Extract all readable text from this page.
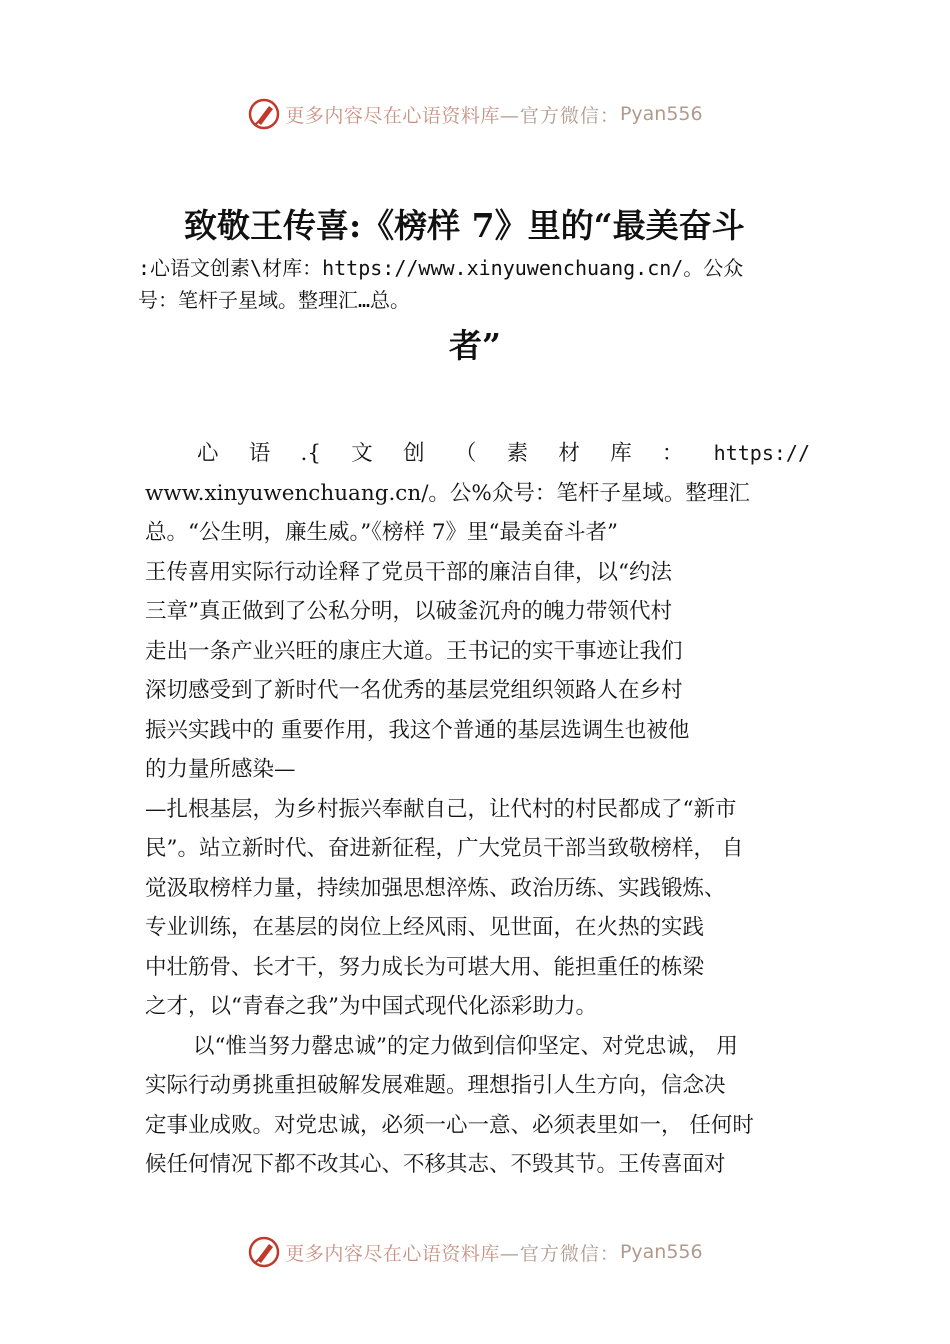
更多内容尽在心语资料库 —官方微信： Pyan556
致敬王传喜:《榜样 7》里的“最美奋斗
:心语文创素\材库：https://www.xinyuwenchuang.cn/。公众
号：笔杆子星域。整理汇…总。
者”

心 语 .{ 文 创 （ 素 材 库 ： https://

www.xinyuwenchuang.cn/。公%众号：笔杆子星域。整理汇

总。“公生明，廉生威。”《榜样 7》里“最美奋斗者”

王传喜用实际行动诠释了党员干部的廉洁自律，以“约法

三章”真正做到了公私分明，以破釜沉舟的魄力带领代村

走出一条产业兴旺的康庄大道。王书记的实干事迹让我们

深切感受到了新时代一名优秀的基层党组织领路人在乡村

振兴实践中的 重要作用，我这个普通的基层选调生也被他

的力量所感染—

—扎根基层，为乡村振兴奉献自己，让代村的村民都成了“新市

民”。站立新时代、奋进新征程，广大党员干部当致敬榜样， 自

觉汲取榜样力量，持续加强思想淬炼、政治历练、实践锻炼、

专业训练，在基层的岗位上经风雨、见世面，在火热的实践

中壮筋骨、长才干，努力成长为可堪大用、能担重任的栋梁

之才，以“青春之我”为中国式现代化添彩助力。

以“惟当努力罄忠诚”的定力做到信仰坚定、对党忠诚， 用

实际行动勇挑重担破解发展难题。理想指引人生方向，信念决

定事业成败。对党忠诚，必须一心一意、必须表里如一， 任何时

候任何情况下都不改其心、不移其志、不毁其节。王传喜面对

更多内容尽在心语资料库 —官方微信： Pyan556
